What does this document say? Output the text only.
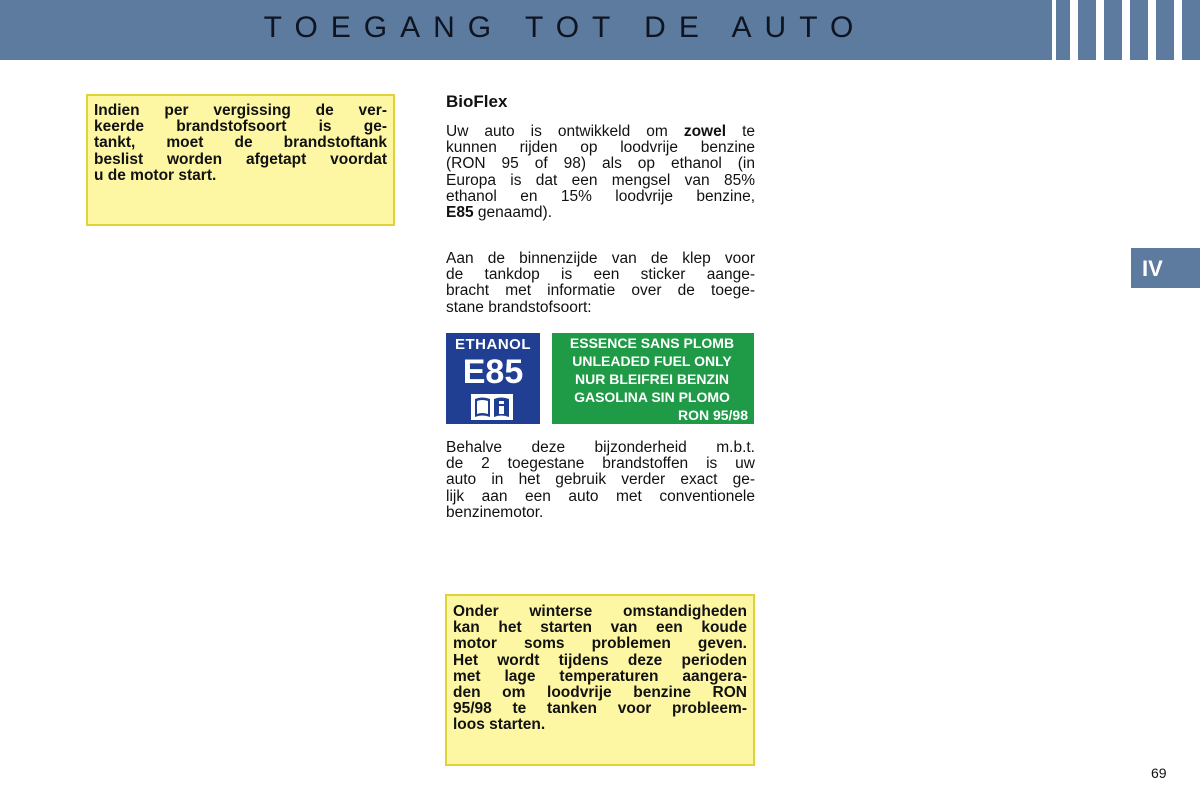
TOEGANG TOT DE AUTO
Indien per vergissing de ver-
keerde brandstofsoort is ge-
tankt, moet de brandstoftank
beslist worden afgetapt voordat
u de motor start.
BioFlex
Uw auto is ontwikkeld om zowel te
kunnen rijden op loodvrije benzine
(RON 95 of 98) als op ethanol (in
Europa is dat een mengsel van 85%
ethanol en 15% loodvrije benzine,
E85 genaamd).
Aan de binnenzijde van de klep voor
de tankdop is een sticker aange-
bracht met informatie over de toege-
stane brandstofsoort:
ETHANOL
E85
ESSENCE SANS PLOMB
UNLEADED FUEL ONLY
NUR BLEIFREI BENZIN
GASOLINA SIN PLOMO
RON 95/98
Behalve deze bijzonderheid m.b.t.
de 2 toegestane brandstoffen is uw
auto in het gebruik verder exact ge-
lijk aan een auto met conventionele
benzinemotor.
Onder winterse omstandigheden
kan het starten van een koude
motor soms problemen geven.
Het wordt tijdens deze perioden
met lage temperaturen aangera-
den om loodvrije benzine RON
95/98 te tanken voor probleem-
loos starten.
IV
69
